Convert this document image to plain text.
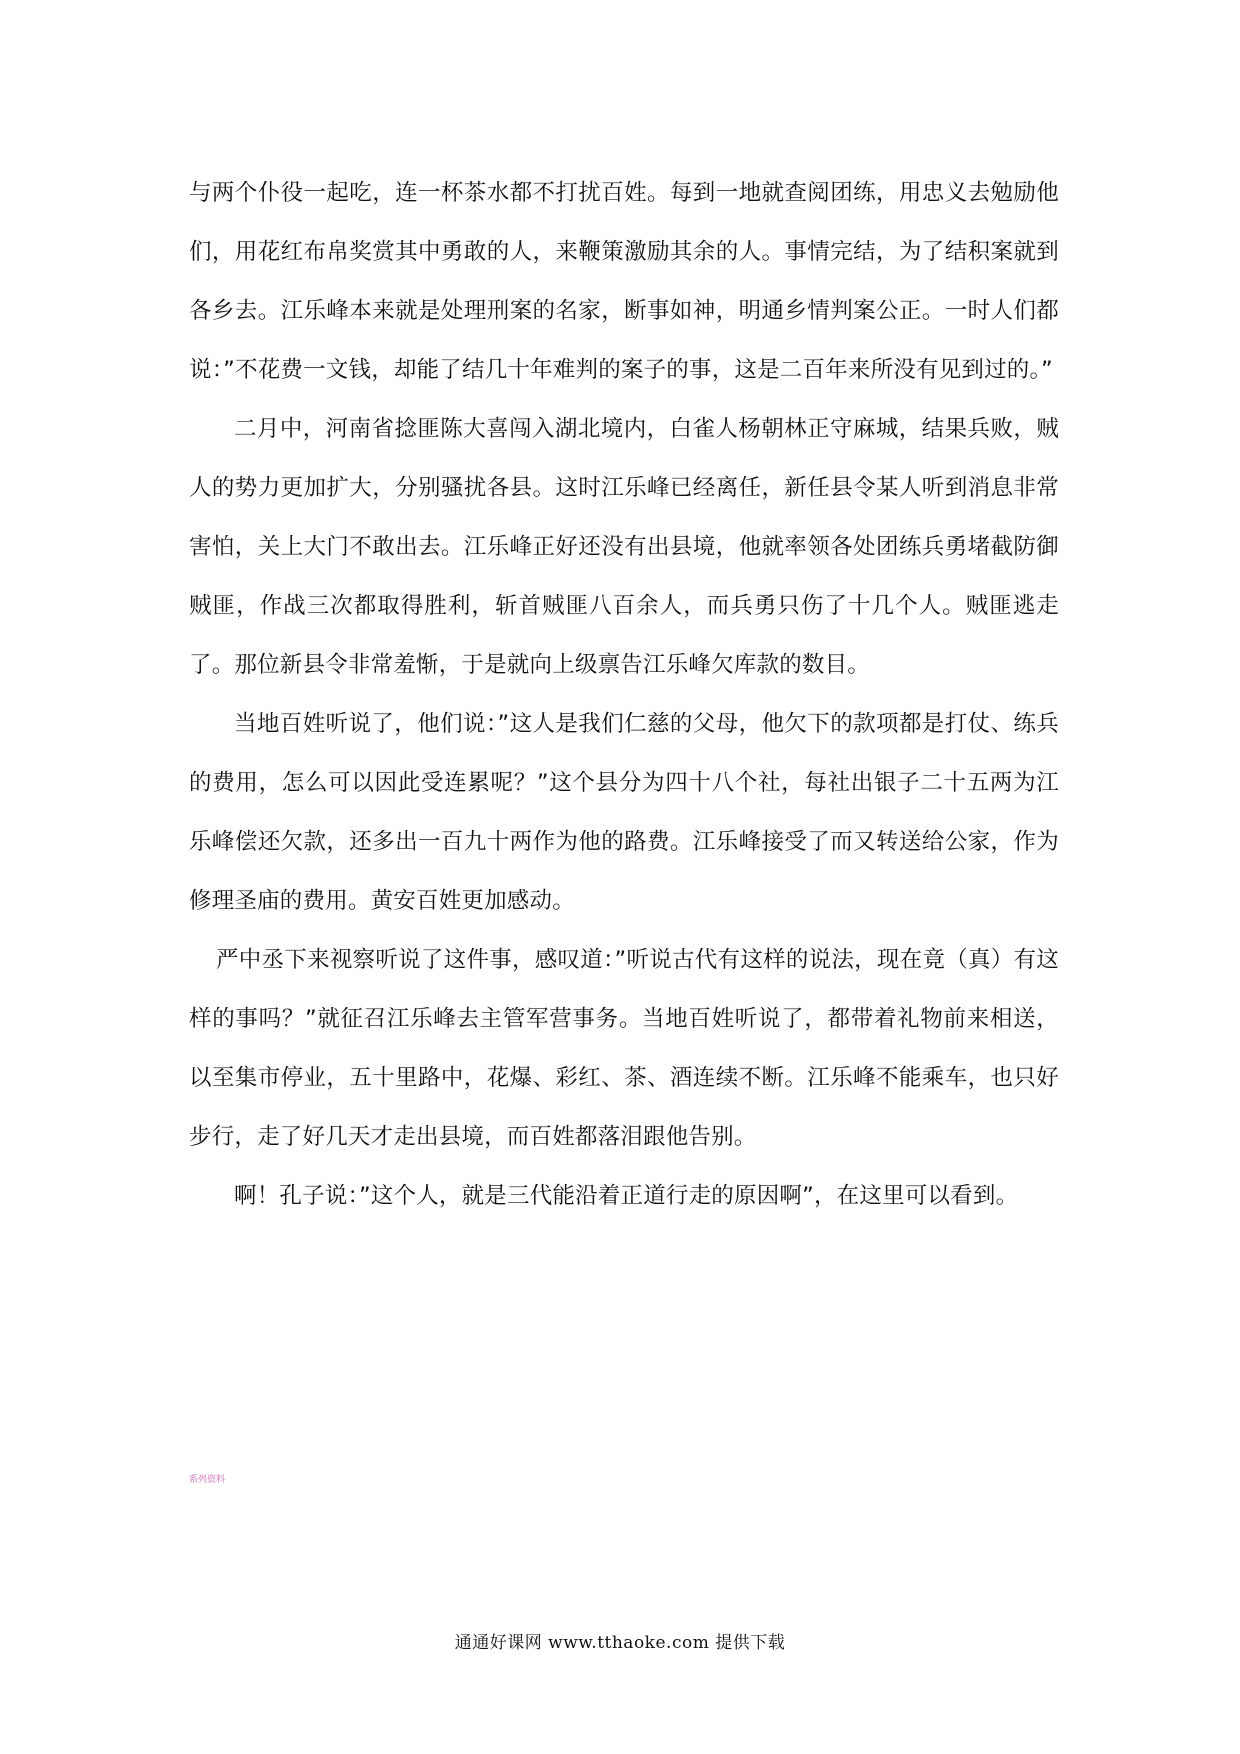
与两个仆役一起吃，连一杯茶水都不打扰百姓。每到一地就查阅团练，用忠义去勉励他们，用花红布帛奖赏其中勇敢的人，来鞭策激励其余的人。事情完结，为了结积案就到各乡去。江乐峰本来就是处理刑案的名家，断事如神，明通乡情判案公正。一时人们都说：”不花费一文钱，却能了结几十年难判的案子的事，这是二百年来所没有见到过的。”

二月中，河南省捻匪陈大喜闯入湖北境内，白雀人杨朝林正守麻城，结果兵败，贼人的势力更加扩大，分别骚扰各县。这时江乐峰已经离任，新任县令某人听到消息非常害怕，关上大门不敢出去。江乐峰正好还没有出县境，他就率领各处团练兵勇堵截防御贼匪，作战三次都取得胜利，斩首贼匪八百余人，而兵勇只伤了十几个人。贼匪逃走了。那位新县令非常羞惭，于是就向上级禀告江乐峰欠库款的数目。

当地百姓听说了，他们说：”这人是我们仁慈的父母，他欠下的款项都是打仗、练兵的费用，怎么可以因此受连累呢？”这个县分为四十八个社，每社出银子二十五两为江乐峰偿还欠款，还多出一百九十两作为他的路费。江乐峰接受了而又转送给公家，作为修理圣庙的费用。黄安百姓更加感动。

严中丞下来视察听说了这件事，感叹道：”听说古代有这样的说法，现在竟（真）有这样的事吗？”就征召江乐峰去主管军营事务。当地百姓听说了，都带着礼物前来相送，以至集市停业，五十里路中，花爆、彩红、茶、酒连续不断。江乐峰不能乘车，也只好步行，走了好几天才走出县境，而百姓都落泪跟他告别。

啊！孔子说：”这个人，就是三代能沿着正道行走的原因啊”，在这里可以看到。

系列资料
通通好课网 www.tthaoke.com 提供下载
